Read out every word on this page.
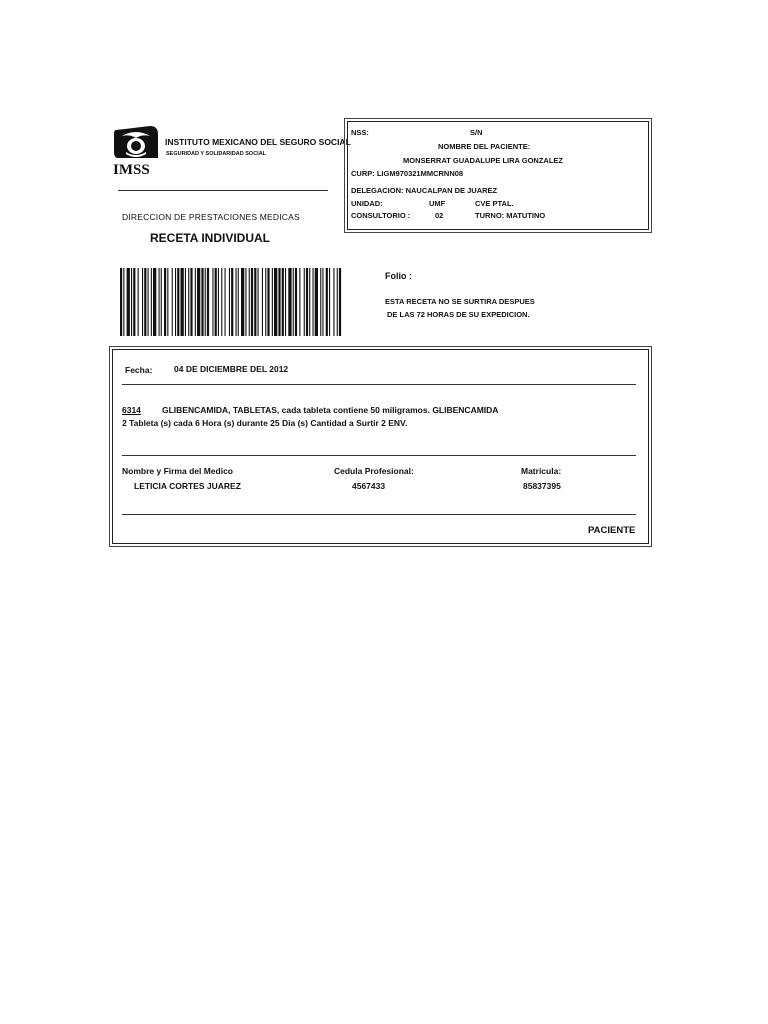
IMSS
INSTITUTO MEXICANO DEL SEGURO SOCIAL
SEGURIDAD Y SOLIDARIDAD SOCIAL
DIRECCION DE PRESTACIONES MEDICAS
RECETA INDIVIDUAL
NSS:	S/N
NOMBRE DEL PACIENTE:
MONSERRAT GUADALUPE LIRA GONZALEZ
CURP: LIGM970321MMCRNN08
DELEGACION: NAUCALPAN DE JUAREZ
UNIDAD:	UMF	CVE PTAL.
CONSULTORIO :	02	TURNO: MATUTINO
Folio :
ESTA RECETA NO SE SURTIRA DESPUES
DE LAS 72 HORAS DE SU EXPEDICION.
Fecha:	04 DE DICIEMBRE DEL 2012
6314 GLIBENCAMIDA, TABLETAS, cada tableta contiene 50 miligramos. GLIBENCAMIDA
2 Tableta (s) cada 6 Hora (s) durante 25 Dia (s) Cantidad a Surtir 2 ENV.
Nombre y Firma del Medico
LETICIA CORTES JUAREZ
Cedula Profesional:
4567433
Matricula:
85837395
PACIENTE
